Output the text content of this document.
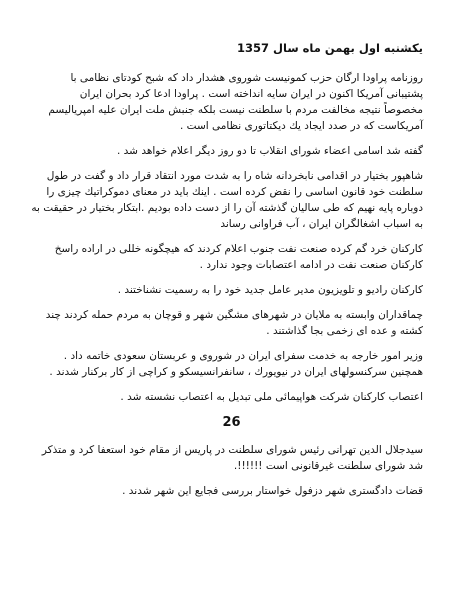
یکشنبه اول بهمن ماه سال 1357
روزنامه پراودا ارگان حزب کمونیست شوروی هشدار داد که شبح کودتای نظامی با
پشتیبانی آمریکا اکنون در ایران سایه انداخته است . پراودا ادعا کرد بحران ایران
مخصوصاً نتیجه مخالفت مردم با سلطنت نیست بلکه جنبش ملت ایران علیه امپریالیسم
آمریکاست که در صدد ایجاد یك دیکتاتوری نظامی است .
گفته شد اسامی اعضاء شورای انقلاب تا دو روز دیگر اعلام خواهد شد .
شاهپور بختیار در اقدامی نابخردانه شاه را به شدت مورد انتقاد قرار داد و گفت در طول
سلطنت خود قانون اساسی را نقض کرده است . اینك باید در معنای دموکراتیك چیزی را
دوباره پایه نهیم که طی سالیان گذشته آن را از دست داده بودیم .ابتکار بختیار در حقیقت به
به اسباب اشغالگران ایران ، آب فراوانی رساند
کارکنان خرد گم کرده صنعت نفت جنوب اعلام کردند که هیچگونه خللی در اراده راسخ
کارکنان صنعت نفت در ادامه اعتصابات وجود ندارد .
کارکنان رادیو و تلویزیون مدیر عامل جدید خود را به رسمیت نشناختند .
چماقداران وابسته به ملایان در شهرهای مشگین شهر و قوچان به مردم حمله کردند چند
کشته و عده ای زخمی بجا گذاشتند .
وزیر امور خارجه به خدمت سفرای ایران در شوروی و عربستان سعودی خاتمه داد .
همچنین سرکنسولهای ایران در نیویورك ، سانفرانسیسکو و کراچی از کار برکنار شدند .
اعتصاب کارکنان شرکت هواپیمائی ملی تبدیل به اعتصاب نشسته شد .
26
سیدجلال الدین تهرانی رئیس شورای سلطنت در پاریس از مقام خود استعفا کرد و متذکر
شد شورای سلطنت غیرقانونی است !!!!!!.
قضات دادگستری شهر دزفول خواستار بررسی فجایع این شهر شدند .
